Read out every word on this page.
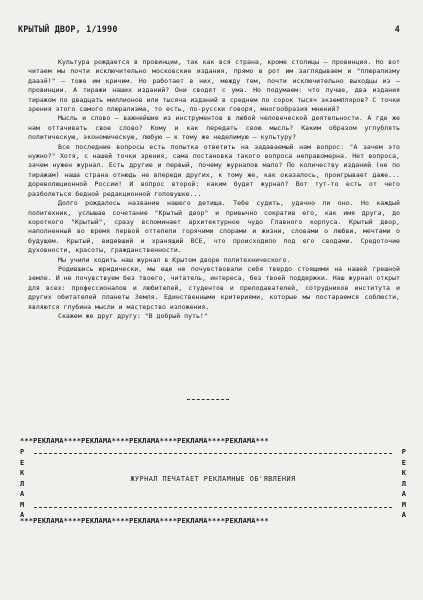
КРЫТЫЙ ДВОР, 1/1990	4

Культура рождается в провинции, так как вся страна, кроме столицы – провинция. Но вот читаем мы почти исключительно московские издания, прямо в рот им заглядываем и "плюрализму дааэй!" – тоже им кричим. Но работает в них, между тем, почти исключительно выходцы из – провинции. А тиражи наших изданий? Они сводят с ума. Но подумаем: что лучше, два издания тиражом по двадцать миллионов или тысяча изданий в среднем по сорок тысяч экземпляров? С точки зрения этого самого плюрализма, то есть, по-русски говоря, многообразия мнений?

Мысль и слово – важнейшие из инструментов в любой человеческой деятельности. А где же нам оттачивать свое слово? Кому и как передать свою мысль? Каким образом углублять политическую, экономическую, любую – к тому же неделимую – культуру?

Все последние вопросы есть попытка ответить на задаваемый нам вопрос: "А зачем это нужно?" Хотя, с нашей точки зрения, сама постановка такого вопроса неправомерна. Нет вопроса, зачем нужен журнал. Есть другие и первый, почему журналов мало? По количеству изданий (не по тиражам) наша страна отнюдь не впереди других, к тому же, как оказалось, проигрывает даже... дореволюционной России! И вопрос второй: каким будет журнал? Вот тут-то есть от чего разболеться бедной редакционной головушке...

Долго рождалось название нашего детища. Тебе судить, удачно ли оно. Но каждый политехник, услышав сочетание "Крытый двор" и привычно сократив его, как имя друга, до короткого "Крытый", сразу вспоминает архитектурное чудо Главного корпуса. Крытый двор, наполненный во время первой оттепели горячими спорами и жизни, словами о любви, мечтами о будущем. Крытый, видевший и хранящий ВСЕ, что происходило под его сводами. Средоточие духовности, красоты, гражданственности.

Мы учили ходить наш журнал в Крытом дворе политехнического.

Родившись юридически, мы еще не почувствовали себя твердо стоящими на нашей грешной земле. И не почувствуем без твоего, читатель, интереса, без твоей поддержки. Наш журнал открыт для всех: профессионалов и любителей, студентов и преподавателей, сотрудников института и других обитателей планеты Земля. Единственными критериями, которые мы постараемся соблюсти, являются глубина мысли и мастерство изложения.

Скажем же друг другу: "В добрый путь!"

***РЕКЛАМА****РЕКЛАМА****РЕКЛАМА****РЕКЛАМА****РЕКЛАМА***
Р
Е
К
Л
А
М
А
Р
Е
К
Л
А
М
А
ЖУРНАЛ ПЕЧАТАЕТ РЕКЛАМНЫЕ ОБ'ЯВЛЕНИЯ
***РЕКЛАМА****РЕКЛАМА****РЕКЛАМА****РЕКЛАМА****РЕКЛАМА***
